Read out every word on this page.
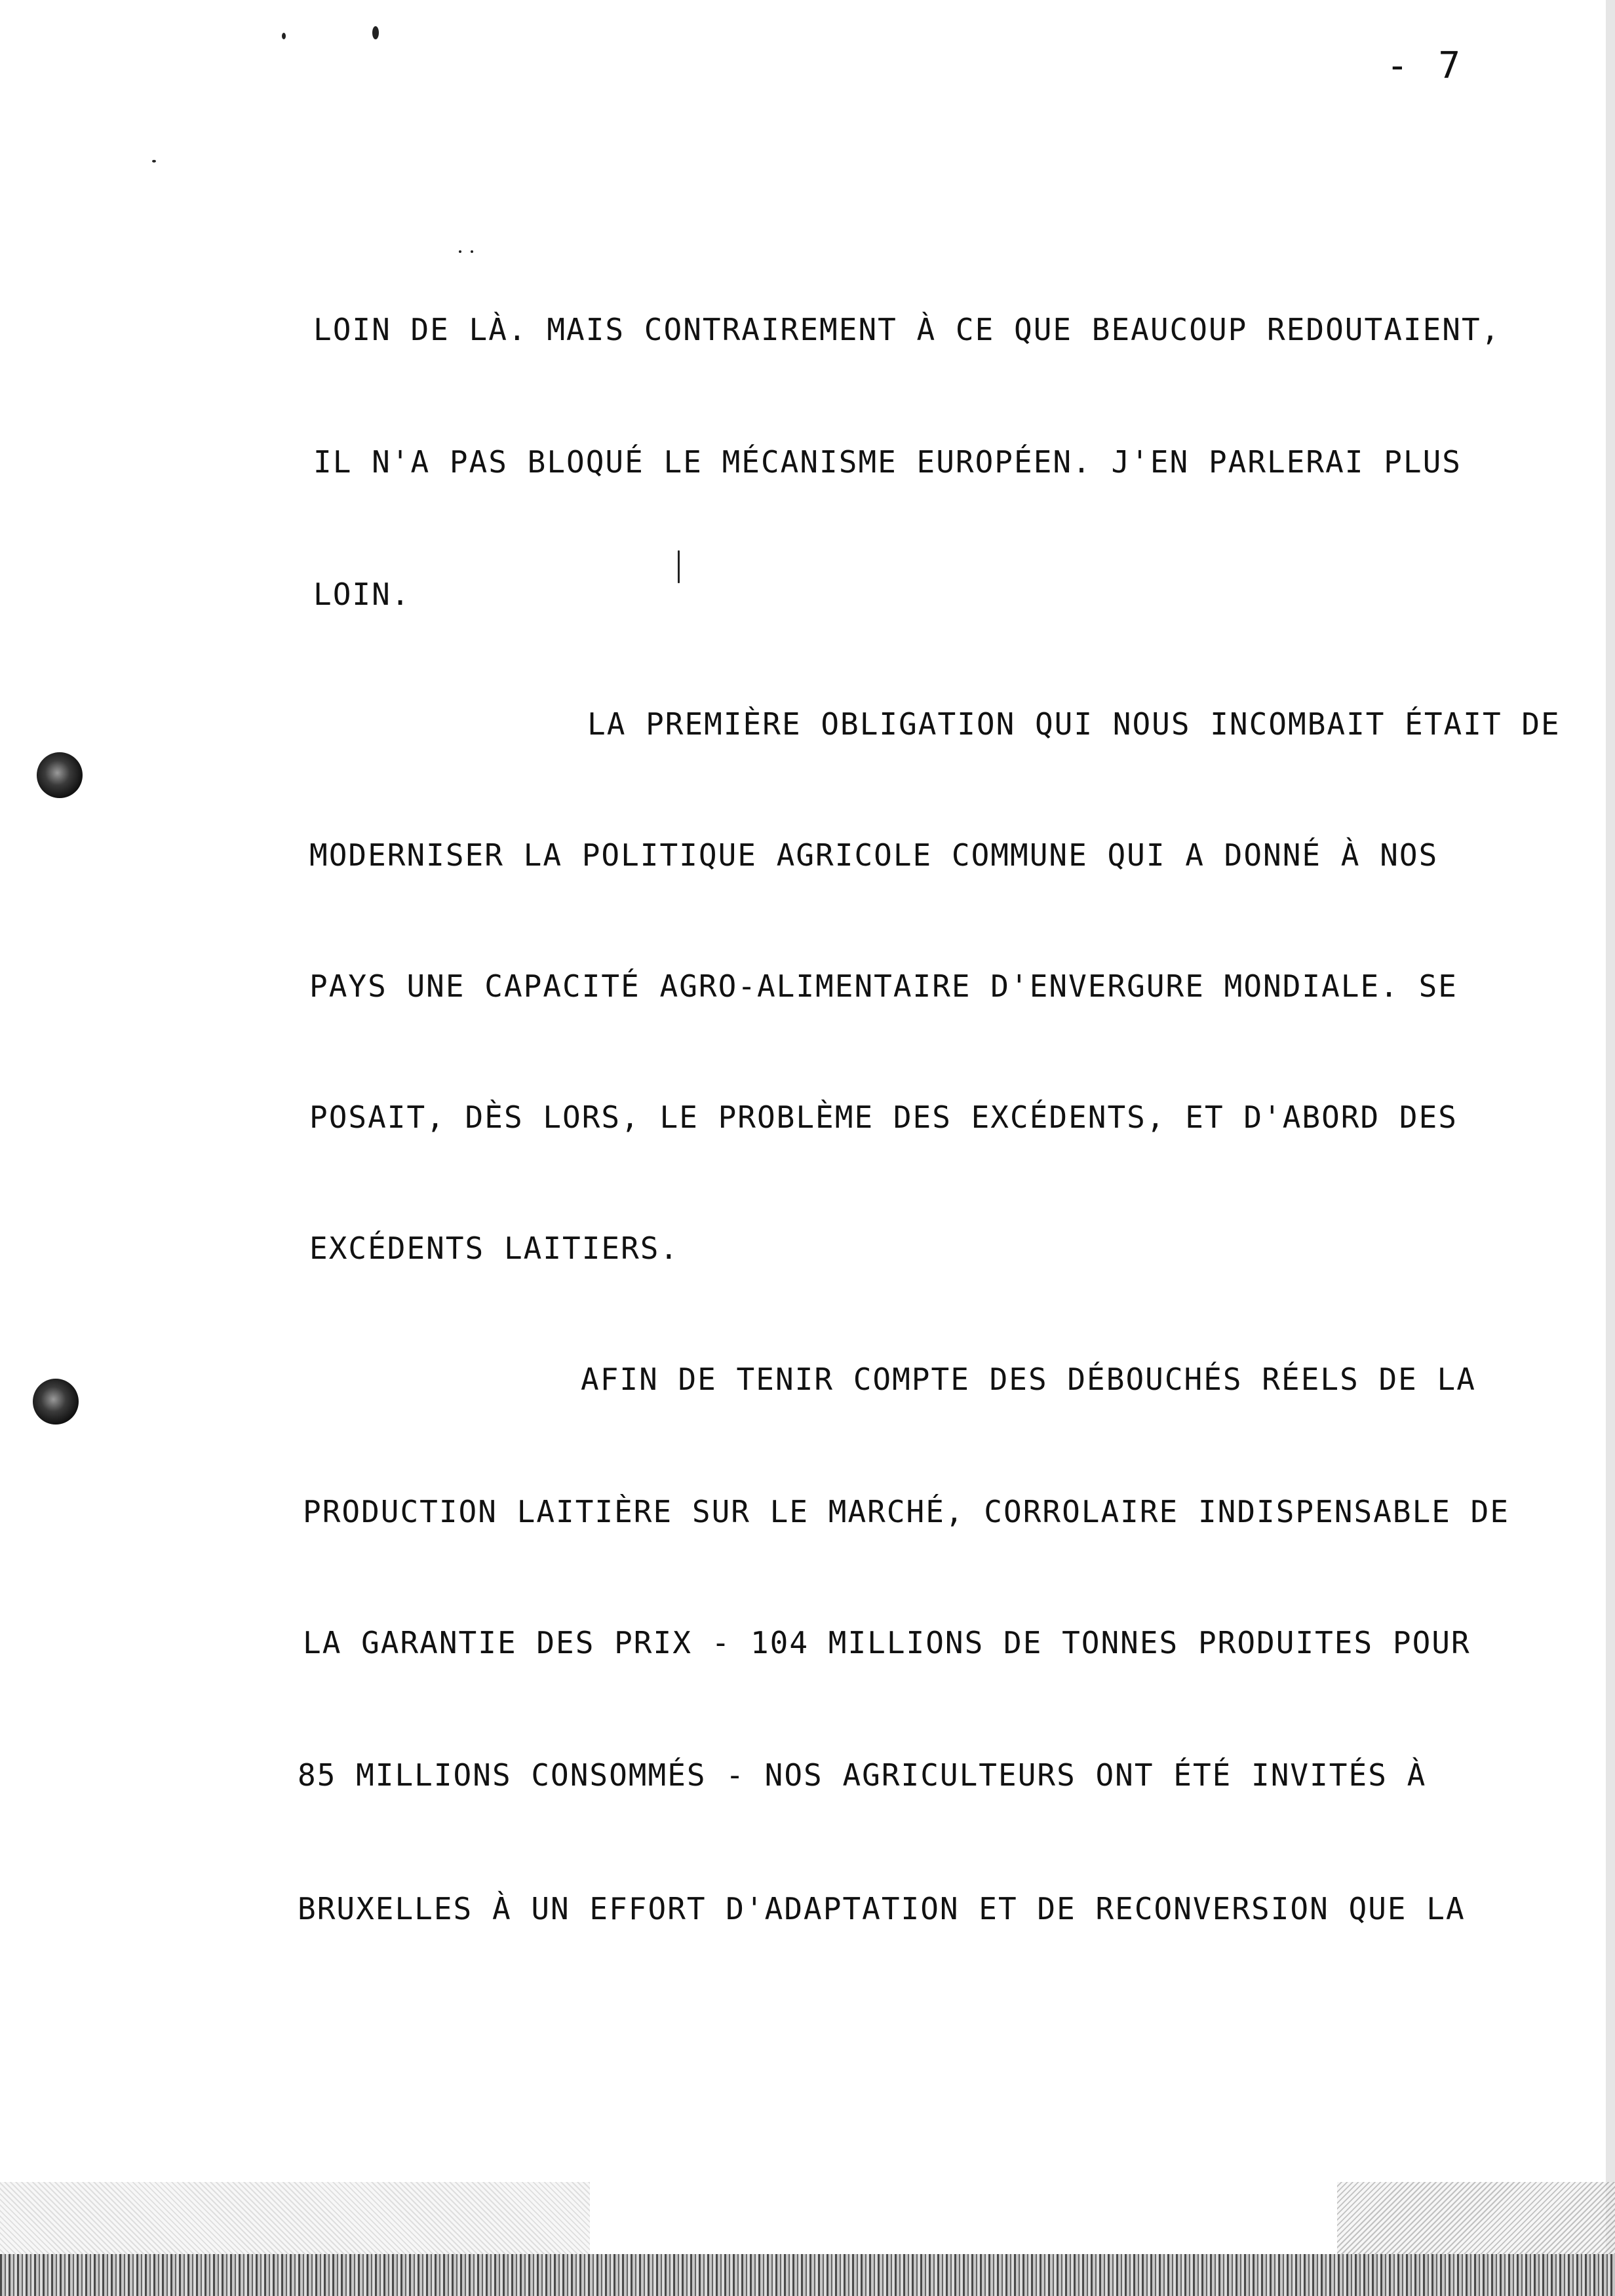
- 7
LOIN DE LÀ. MAIS CONTRAIREMENT À CE QUE BEAUCOUP REDOUTAIENT,
IL N'A PAS BLOQUÉ LE MÉCANISME EUROPÉEN. J'EN PARLERAI PLUS
LOIN.
LA PREMIÈRE OBLIGATION QUI NOUS INCOMBAIT ÉTAIT DE
MODERNISER LA POLITIQUE AGRICOLE COMMUNE QUI A DONNÉ À NOS
PAYS UNE CAPACITÉ AGRO-ALIMENTAIRE D'ENVERGURE MONDIALE. SE
POSAIT, DÈS LORS, LE PROBLÈME DES EXCÉDENTS, ET D'ABORD DES
EXCÉDENTS LAITIERS.
AFIN DE TENIR COMPTE DES DÉBOUCHÉS RÉELS DE LA
PRODUCTION LAITIÈRE SUR LE MARCHÉ, CORROLAIRE INDISPENSABLE DE
LA GARANTIE DES PRIX - 104 MILLIONS DE TONNES PRODUITES POUR
85 MILLIONS CONSOMMÉS - NOS AGRICULTEURS ONT ÉTÉ INVITÉS À
BRUXELLES À UN EFFORT D'ADAPTATION ET DE RECONVERSION QUE LA
